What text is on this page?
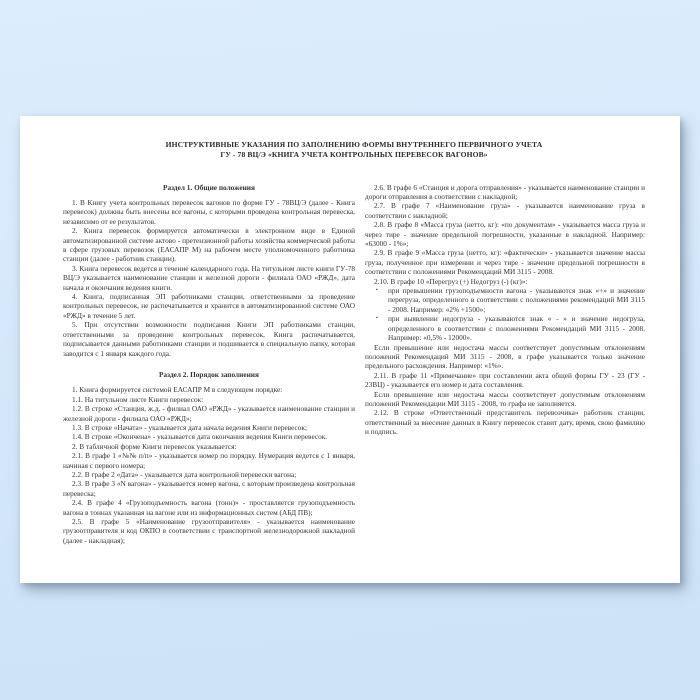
ИНСТРУКТИВНЫЕ УКАЗАНИЯ ПО ЗАПОЛНЕНИЮ ФОРМЫ ВНУТРЕННЕГО ПЕРВИЧНОГО УЧЕТА
ГУ - 78 ВЦ/Э «КНИГА УЧЕТА КОНТРОЛЬНЫХ ПЕРЕВЕСОК ВАГОНОВ»
Раздел 1. Общие положения
1. В Книгу учета контрольных перевесок вагонов по форме ГУ - 78ВЦ/Э (далее - Книга перевесок) должны быть внесены все вагоны, с которыми проведена контрольная перевеска, независимо от ее результатов.
2. Книга перевесок формируется автоматически в электронном виде в Единой автоматизированной системе актово - претензионной работы хозяйства коммерческой работы в сфере грузовых перевозок (ЕАСАПР М) на рабочем месте уполномоченного работника станции (далее - работник станции).
3. Книга перевесок ведется в течение календарного года. На титульном листе книги ГУ-78 ВЦ/Э указывается наименование станции и железной дороги - филиала ОАО «РЖД», дата начала и окончания ведения книги.
4. Книга, подписанная ЭП работниками станции, ответственными за проведение контрольных перевесок, не распечатывается и хранится в автоматизированной системе ОАО «РЖД» в течение 5 лет.
5. При отсутствии возможности подписания Книги ЭП работниками станции, ответственными за проведение контрольных перевесок, Книга распечатывается, подписывается данными работниками станции и подшивается в специальную папку, которая заводится с 1 января каждого года.
Раздел 2. Порядок заполнения
1. Книга формируется системой ЕАСАПР М в следующем порядке:
1.1. На титульном листе Книги перевесок:
1.2. В строке «Станция, ж.д. - филиал ОАО «РЖД» - указывается наименование станции и железной дороги - филиала ОАО «РЖД»;
1.3. В строке «Начата» - указывается дата начала ведения Книги перевесок;
1.4. В строке «Окончена» - указывается дата окончания ведения Книги перевесок.
2. В табличной форме Книги перевесок указывается:
2.1. В графе 1 «№№ п/п» - указывается номер по порядку. Нумерация ведется с 1 января, начиная с первого номера;
2.2. В графе 2 «Дата» - указывается дата контрольной перевески вагона;
2.3. В графе 3 «N вагона» - указывается номер вагона, с которым произведена контрольная перевеска;
2.4. В графе 4 «Грузоподъемность вагона (тонн)» - проставляется грузоподъемность вагона в тоннах указанная на вагоне или из информационных систем (АБД ПВ);
2.5. В графе 5 «Наименование грузоотправителя» - указывается наименование грузоотправителя и код ОКПО в соответствии с транспортной железнодорожной накладной (далее - накладная);
2.6. В графе 6 «Станция и дорога отправления» - указывается наименование станции и дороги отправления в соответствии с накладной;
2.7. В графе 7 «Наименование груза» - указывается наименование груза в соответствии с накладной;
2.8. В графе 8 «Масса груза (нетто, кг): «по документам» - указывается масса груза и через тире - значение предельной погрешности, указанные в накладной. Например: «63000 - 1%»;
2.9. В графе 9 «Масса груза (нетто, кг): «фактически» - указывается значение массы груза, полученное при измерении и через тире - значение предельной погрешности в соответствии с положениями Рекомендаций МИ 3115 - 2008.
2.10. В графе 10 «Перегруз (+) Недогруз (-) (кг)»:
▪ при превышении грузоподъемности вагона - указываются знак «+» и значение перегруза, определенного в соответствии с положениями рекомендаций МИ 3115 - 2008. Например: «2% +1500»;
▪ при выявлении недогруза - указываются знак « - » и значение недогруза, определенного в соответствии с положениями Рекомендаций МИ 3115 - 2008. Например: «0,5% - 12000».
Если превышение или недостача массы соответствует допустимым отклонениям положений Рекомендаций МИ 3115 - 2008, в графе указывается только значение предельного расхождения. Например: «1%».
2.11. В графе 11 «Примечание» при составлении акта общей формы ГУ - 23 (ГУ - 23ВЦ) - указывается его номер и дата составления.
Если превышение или недостача массы соответствует допустимым отклонениям положений Рекомендации МИ 3115 - 2008, то графа не заполняется.
2.12. В строке «Ответственный представитель перевозчика» работник станции, ответственный за внесение данных в Книгу перевесок ставит дату, время, свою фамилию и подпись.
